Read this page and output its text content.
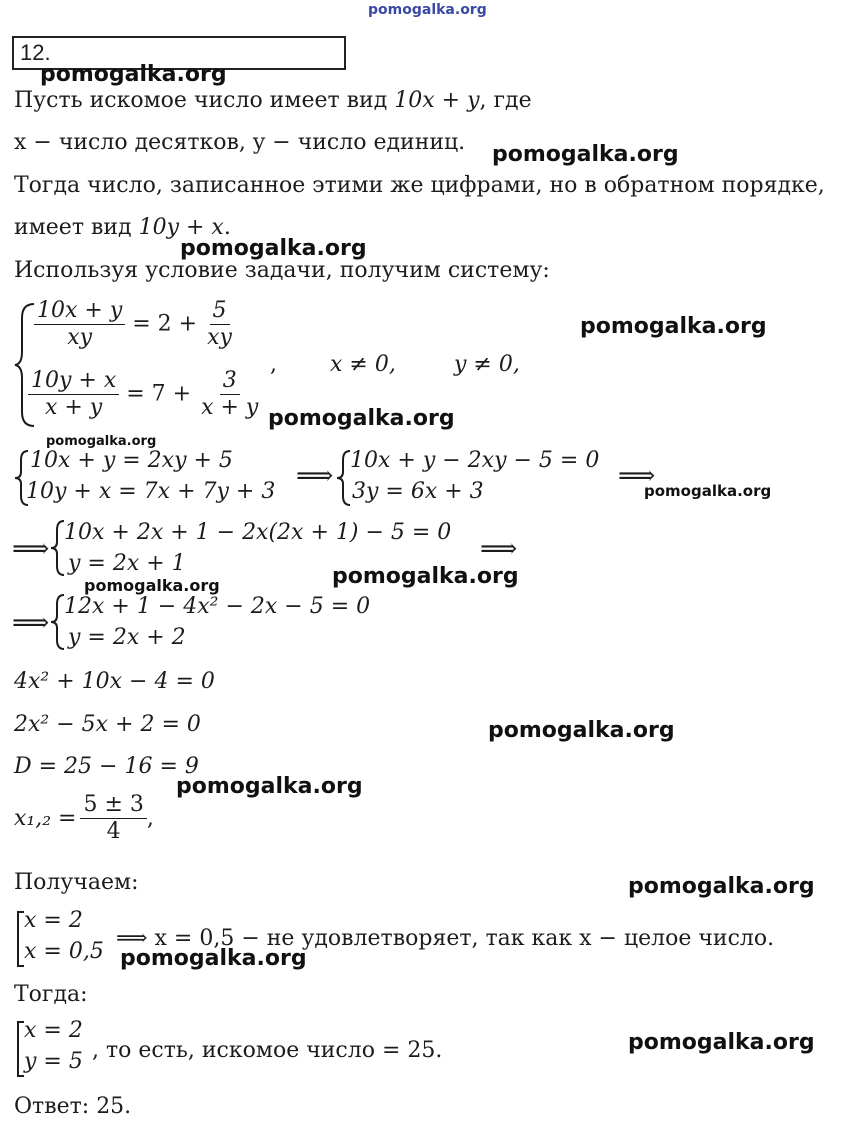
pomogalka.org
12.
pomogalka.org
Пусть искомое число имеет вид 10x + y, где
x − число десятков, y − число единиц. pomogalka.org
Тогда число, записанное этими же цифрами, но в обратном порядке,
имеет вид 10y + x.
pomogalka.org
Используя условие задачи, получим систему:
$\frac{10x + y}{xy} = 2 + \frac{5}{xy}$
$\frac{10y + x}{x + y} = 7 + \frac{3}{x + y}$
, x ≠ 0,	y ≠ 0,
pomogalka.org
pomogalka.org
pomogalka.org
10x + y = 2xy + 5
10y + x = 7x + 7y + 3
⟹
10x + y − 2xy − 5 = 0
3y = 6x + 3
⟹
pomogalka.org
⟹
10x + 2x + 1 − 2x(2x + 1) − 5 = 0
y = 2x + 1	⟹
pomogalka.org
pomogalka.org
⟹
12x + 1 − 4x² − 2x − 5 = 0
y = 2x + 2
4x² + 10x − 4 = 0
2x² − 5x + 2 = 0	pomogalka.org
D = 25 − 16 = 9
pomogalka.org
$x_1,_2 = \frac{5 \pm 3}{4}$ ,
Получаем:	pomogalka.org
x = 2
x = 0,5
⟹ x = 0,5 − не удовлетворяет, так как x − целое число.
pomogalka.org
Тогда:
x = 2
y = 5 , то есть, искомое число = 25.	pomogalka.org
Ответ: 25.
